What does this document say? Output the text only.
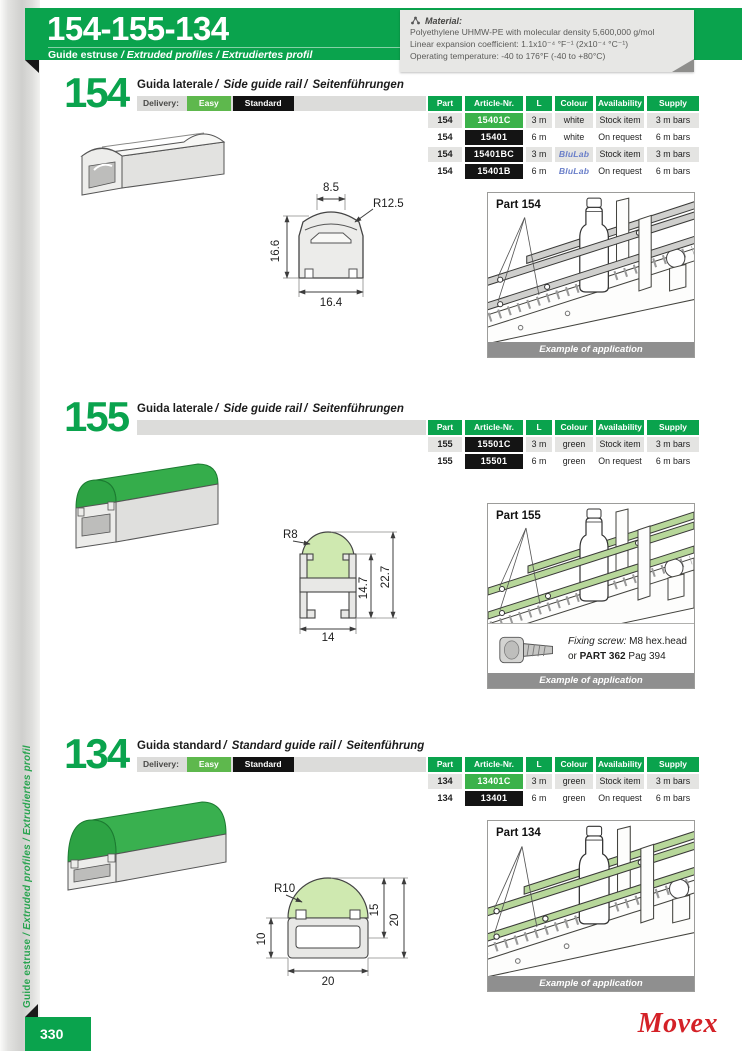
Guide estruse / Extruded profiles / Extrudiertes profil
154-155-134
Guide estruse / Extruded profiles / Extrudiertes profil
Material:
Polyethylene UHMW-PE with molecular density 5,600,000 g/mol
Linear expansion coefficient: 1.1x10⁻⁴ °F⁻¹ (2x10⁻⁴ °C⁻¹)
Operating temperature: -40 to 176°F (-40 to +80°C)
154 Guida laterale / Side guide rail / Seitenführungen
Delivery:	Easy	Standard	Part	Article-Nr.	L	Colour	Availability	Supply
154	15401C	3 m	white	Stock item	3 m bars
154	15401	6 m	white	On request	6 m bars
154	15401BC	3 m	BluLab	Stock item	3 m bars
154	15401B	6 m	BluLab	On request	6 m bars
8.5
R12.5
16.6
16.4
Part 154
Example of application
155 Guida laterale / Side guide rail / Seitenführungen
Part	Article-Nr.	L	Colour	Availability	Supply
155	15501C	3 m	green	Stock item	3 m bars
155	15501	6 m	green	On request	6 m bars
R8
14.7 22.7
14
Part 155
Fixing screw: M8 hex.head
or PART 362 Pag 394
Example of application
134 Guida standard / Standard guide rail / Seitenführung
Delivery:	Easy	Standard	Part	Article-Nr.	L	Colour	Availability	Supply
134	13401C	3 m	green	Stock item	3 m bars
134	13401	6 m	green	On request	6 m bars
R10
10
15
20
20
Part 134
Example of application
330	Movex
